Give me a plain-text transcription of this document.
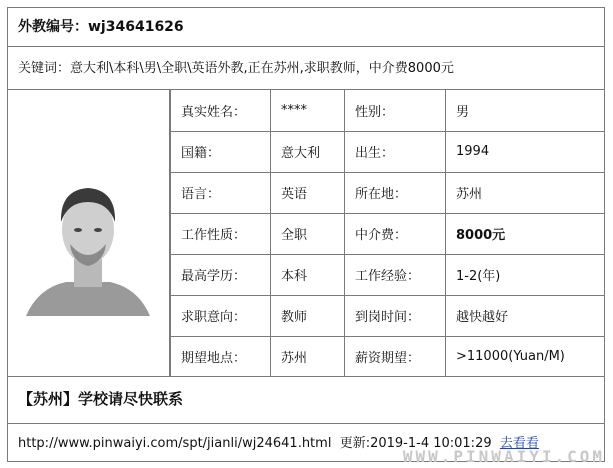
外教编号：wj34641626
关键词：意大利\本科\男\全职\英语外教,正在苏州,求职教师，中介费8000元
真实姓名：	****	性别：	男
国籍：	意大利	出生：	1994
语言：	英语	所在地：	苏州
工作性质：	全职	中介费：	8000元
最高学历：	本科	工作经验：	1-2(年)
求职意向：	教师	到岗时间：	越快越好
期望地点：	苏州	薪资期望：	>11000(Yuan/M)
【苏州】学校请尽快联系
http://www.pinwaiyi.com/spt/jianli/wj24641.html 更新:2019-1-4 10:01:29 去看看
WWW.PINWAIYI.COM
